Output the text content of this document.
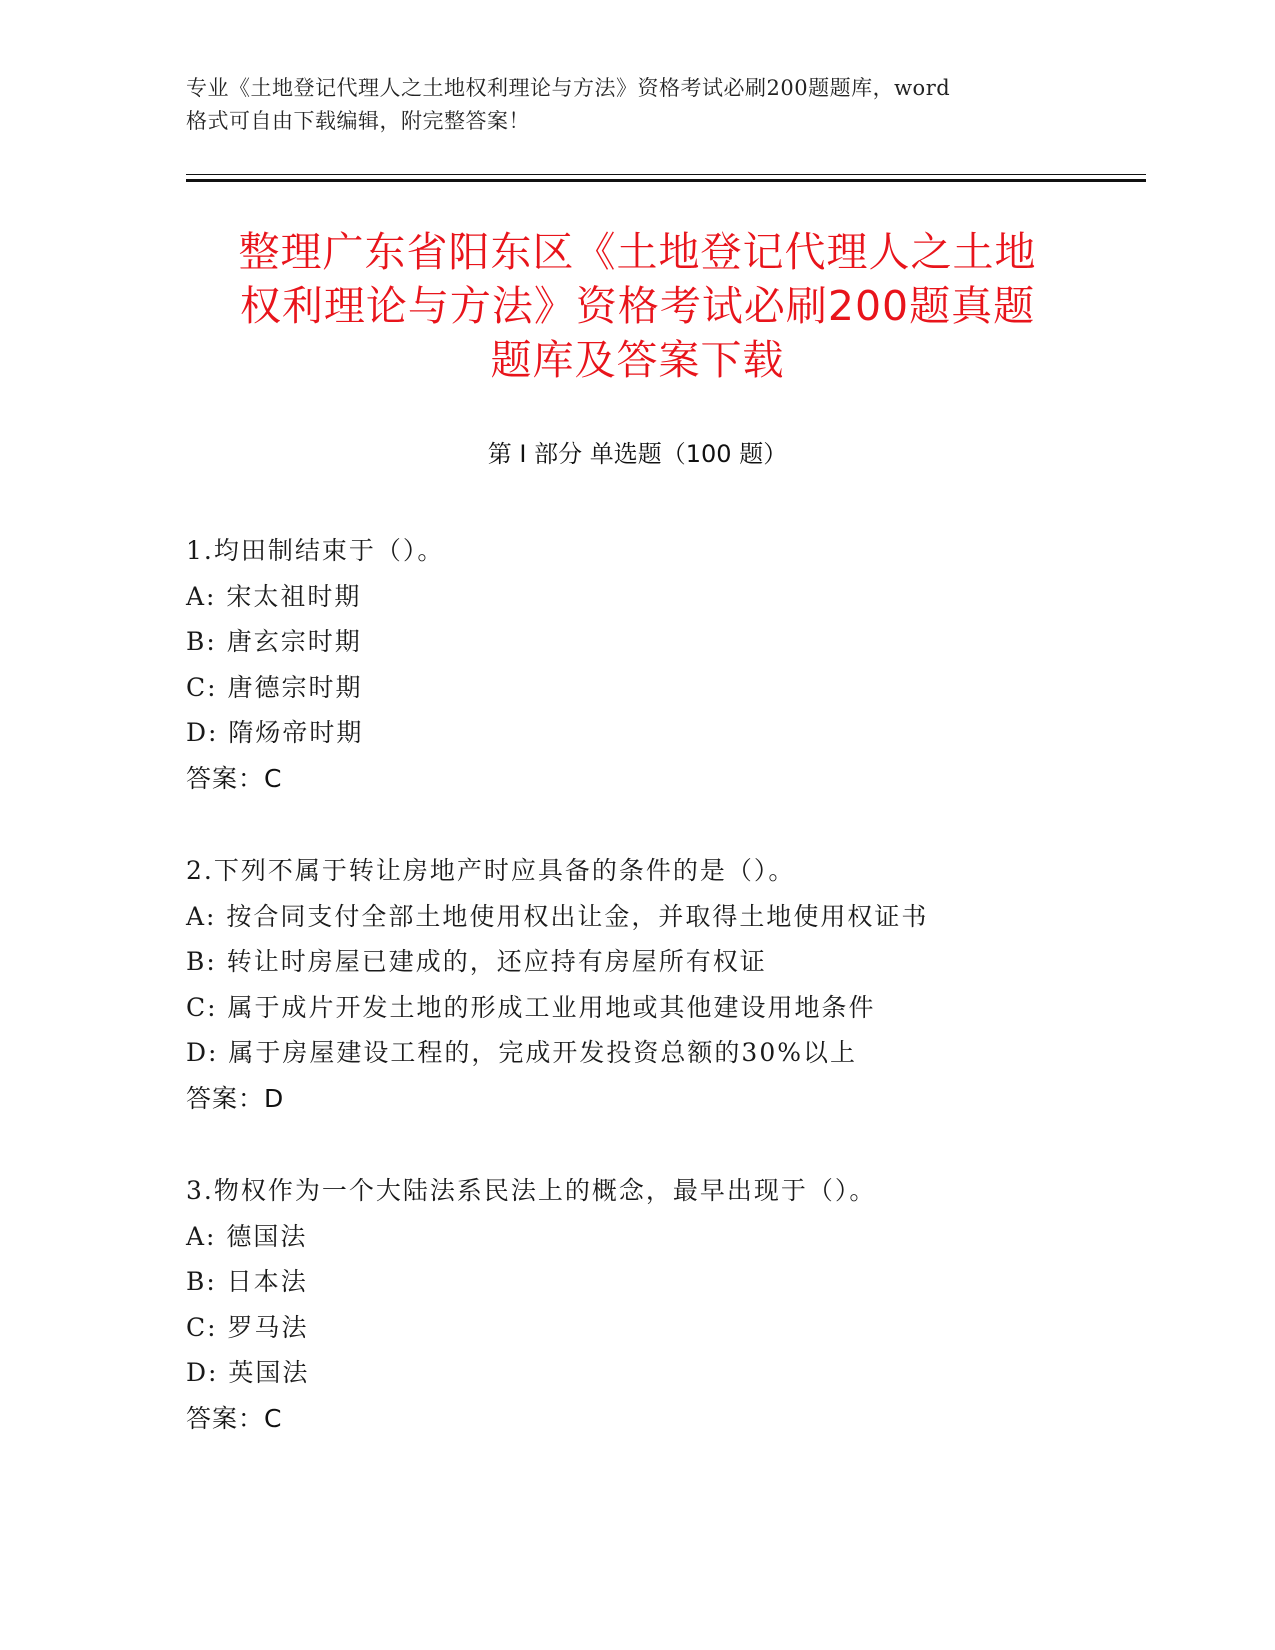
专业《土地登记代理人之土地权利理论与方法》资格考试必刷200题题库，word
格式可自由下载编辑，附完整答案！
整理广东省阳东区《土地登记代理人之土地
权利理论与方法》资格考试必刷200题真题
题库及答案下载
第 I 部分 单选题（100 题）
1.均田制结束于（）。
A: 宋太祖时期
B: 唐玄宗时期
C: 唐德宗时期
D: 隋炀帝时期
答案：C
2.下列不属于转让房地产时应具备的条件的是（）。
A: 按合同支付全部土地使用权出让金，并取得土地使用权证书
B: 转让时房屋已建成的，还应持有房屋所有权证
C: 属于成片开发土地的形成工业用地或其他建设用地条件
D: 属于房屋建设工程的，完成开发投资总额的30%以上
答案：D
3.物权作为一个大陆法系民法上的概念，最早出现于（）。
A: 德国法
B: 日本法
C: 罗马法
D: 英国法
答案：C
